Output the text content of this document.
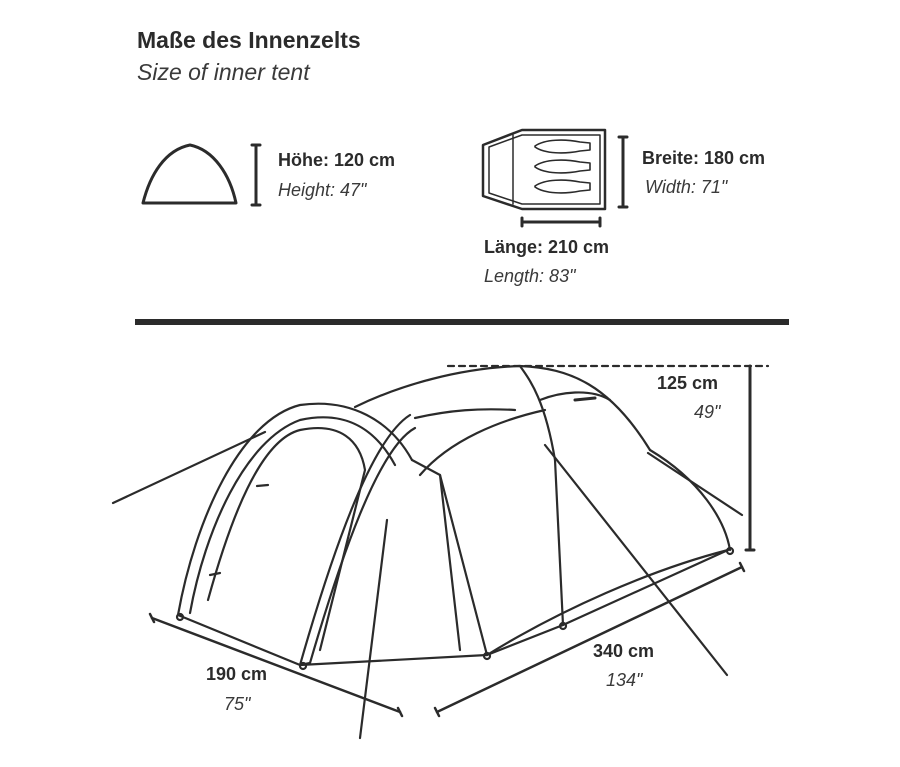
Maße des Innenzelts
Size of inner tent
Höhe: 120 cm
Height: 47"
Breite: 180 cm
Width: 71"
Länge: 210 cm
Length: 83"
125 cm
49"
190 cm
75"
340 cm
134"
